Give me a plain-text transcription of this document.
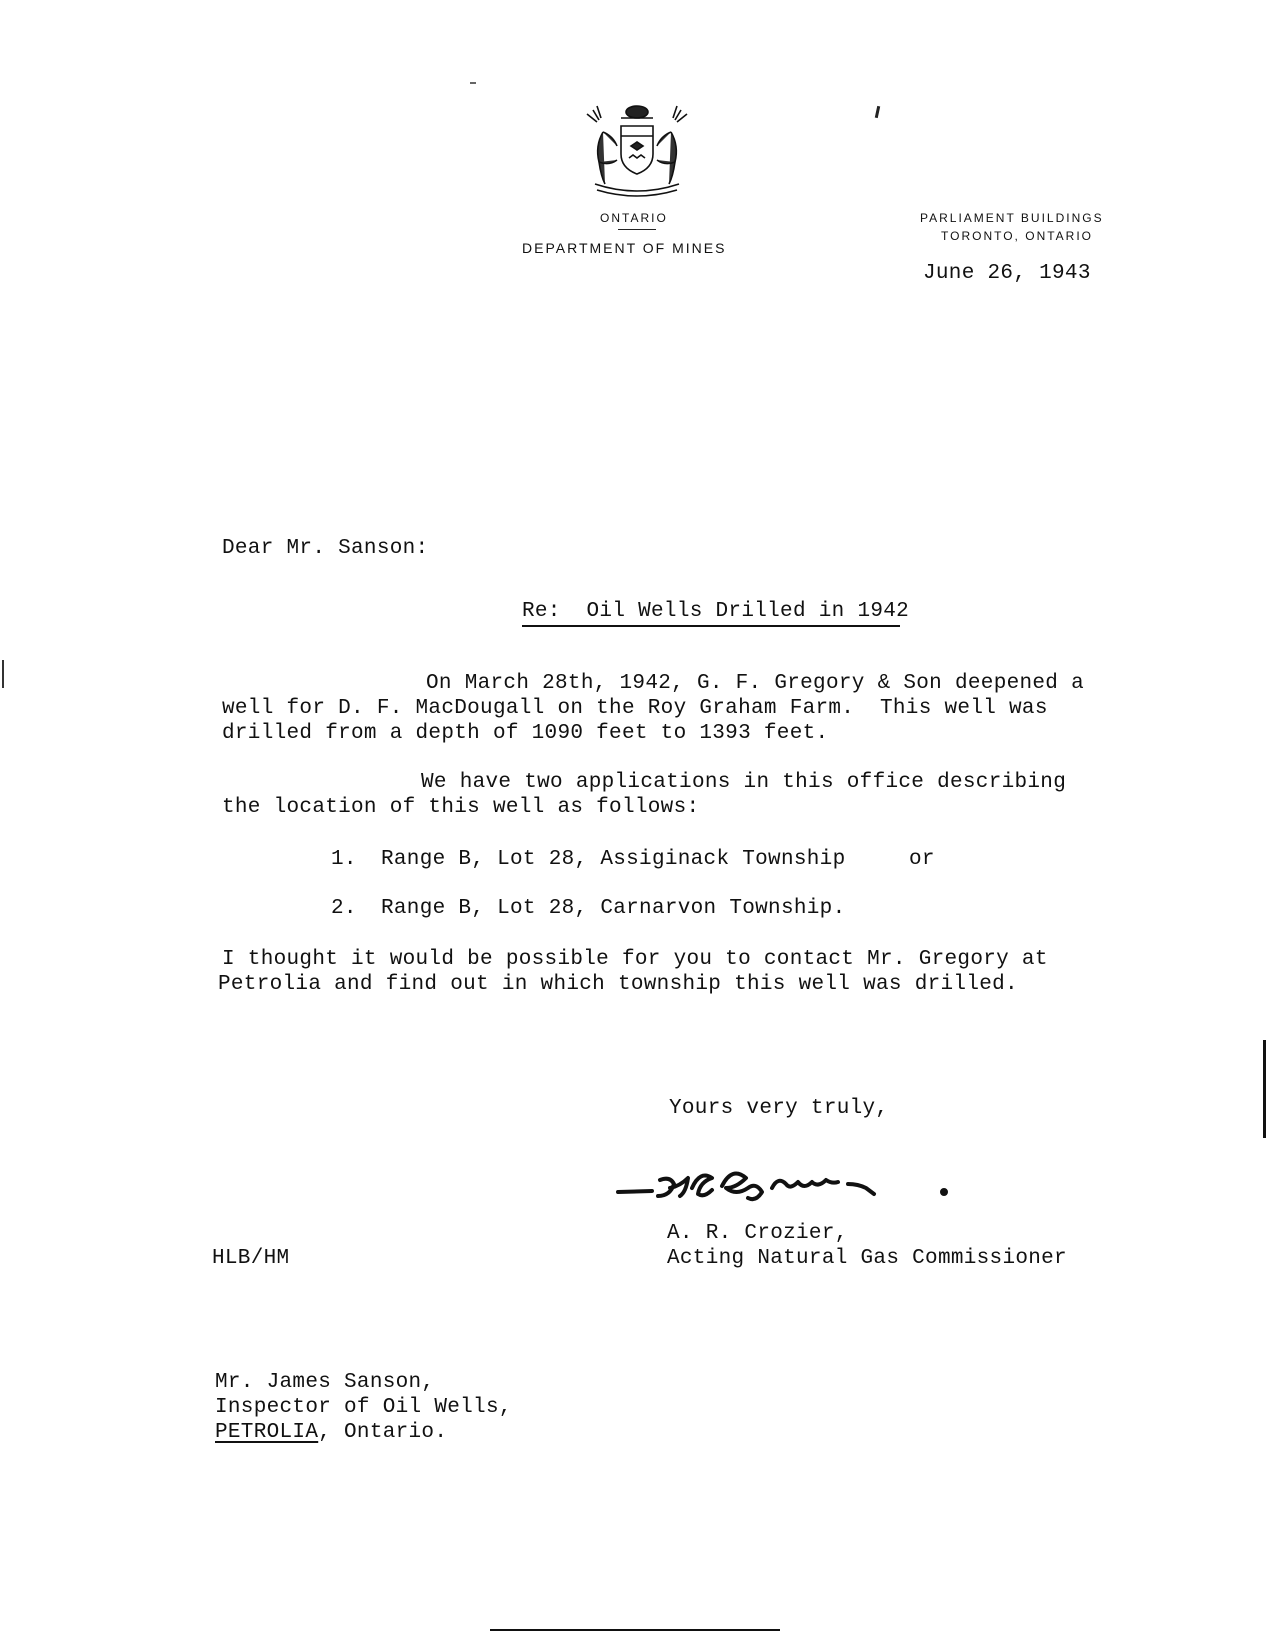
ONTARIO
DEPARTMENT OF MINES
PARLIAMENT BUILDINGS
TORONTO, ONTARIO
June 26, 1943
Dear Mr. Sanson:
Re:  Oil Wells Drilled in 1942
On March 28th, 1942, G. F. Gregory & Son deepened a
well for D. F. MacDougall on the Roy Graham Farm.  This well was
drilled from a depth of 1090 feet to 1393 feet.
We have two applications in this office describing
the location of this well as follows:
1. Range B, Lot 28, Assiginack Township	or
2. Range B, Lot 28, Carnarvon Township.
I thought it would be possible for you to contact Mr. Gregory at
Petrolia and find out in which township this well was drilled.
Yours very truly,
A. R. Crozier,
Acting Natural Gas Commissioner
HLB/HM
Mr. James Sanson,
Inspector of Oil Wells,
PETROLIA, Ontario.
